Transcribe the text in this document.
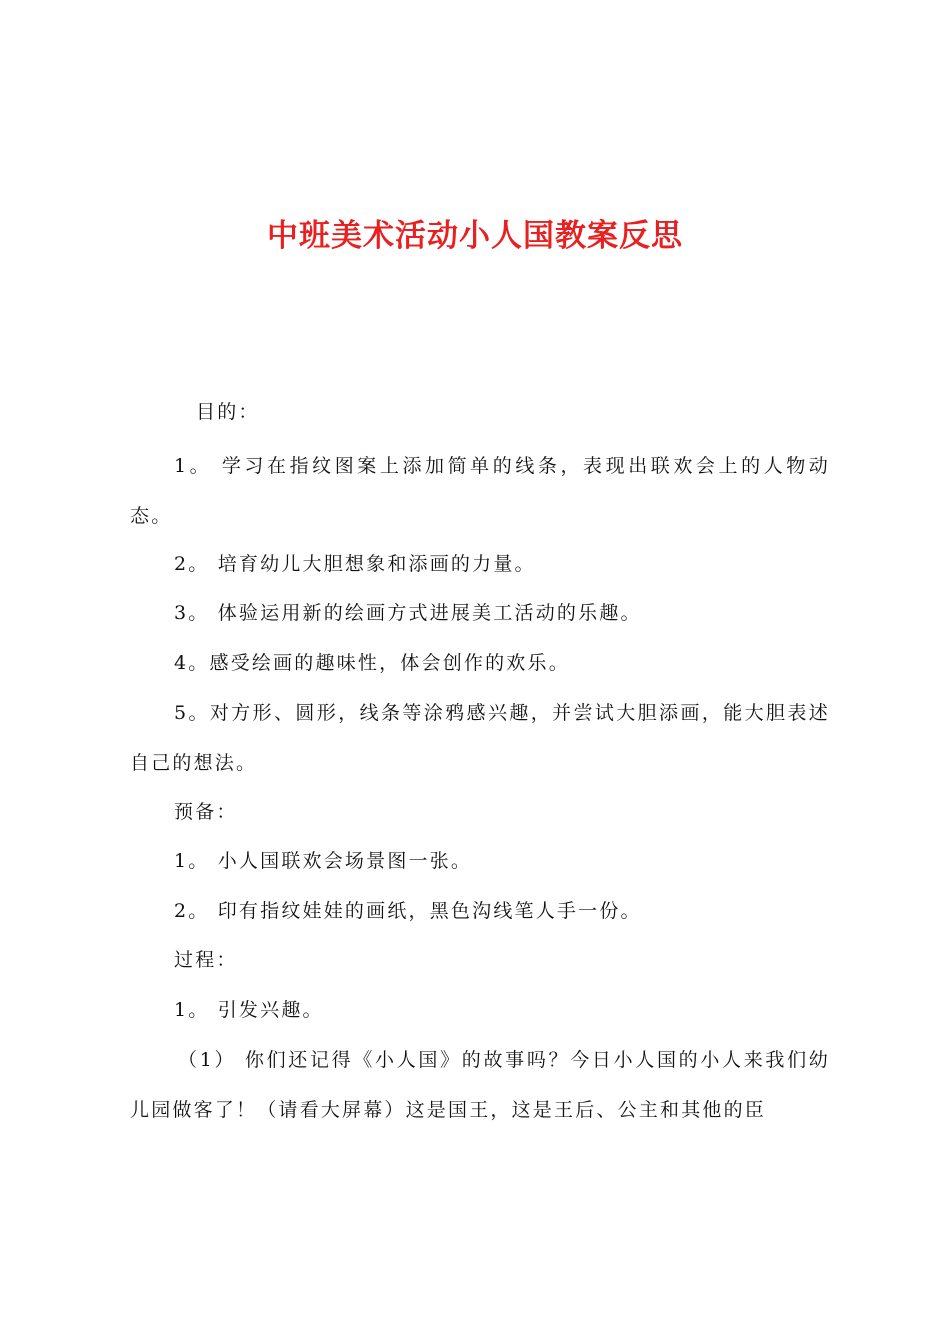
中班美术活动小人国教案反思

目的：

1。 学习在指纹图案上添加简单的线条，表现出联欢会上的人物动态。

2。 培育幼儿大胆想象和添画的力量。

3。 体验运用新的绘画方式进展美工活动的乐趣。

4。感受绘画的趣味性，体会创作的欢乐。

5。对方形、圆形，线条等涂鸦感兴趣，并尝试大胆添画，能大胆表述自己的想法。

预备：

1。 小人国联欢会场景图一张。

2。 印有指纹娃娃的画纸，黑色沟线笔人手一份。

过程：

1。 引发兴趣。

（1） 你们还记得《小人国》的故事吗？今日小人国的小人来我们幼儿园做客了！（请看大屏幕）这是国王，这是王后、公主和其他的臣
